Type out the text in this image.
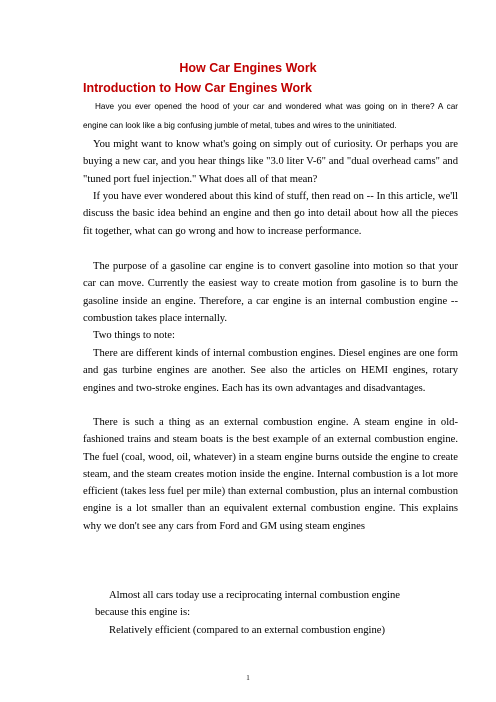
How Car Engines Work
Introduction to How Car Engines Work
Have you ever opened the hood of your car and wondered what was going on in there? A car engine can look like a big confusing jumble of metal, tubes and wires to the uninitiated.

You might want to know what's going on simply out of curiosity. Or perhaps you are buying a new car, and you hear things like "3.0 liter V-6" and "dual overhead cams" and "tuned port fuel injection." What does all of that mean?

If you have ever wondered about this kind of stuff, then read on -- In this article, we'll discuss the basic idea behind an engine and then go into detail about how all the pieces fit together, what can go wrong and how to increase performance.

The purpose of a gasoline car engine is to convert gasoline into motion so that your car can move. Currently the easiest way to create motion from gasoline is to burn the gasoline inside an engine. Therefore, a car engine is an internal combustion engine -- combustion takes place internally.

Two things to note:

There are different kinds of internal combustion engines. Diesel engines are one form and gas turbine engines are another. See also the articles on HEMI engines, rotary engines and two-stroke engines. Each has its own advantages and disadvantages.

There is such a thing as an external combustion engine. A steam engine in old-fashioned trains and steam boats is the best example of an external combustion engine. The fuel (coal, wood, oil, whatever) in a steam engine burns outside the engine to create steam, and the steam creates motion inside the engine. Internal combustion is a lot more efficient (takes less fuel per mile) than external combustion, plus an internal combustion engine is a lot smaller than an equivalent external combustion engine. This explains why we don't see any cars from Ford and GM using steam engines

Almost all cars today use a reciprocating internal combustion engine

because this engine is:

Relatively efficient (compared to an external combustion engine)

1
